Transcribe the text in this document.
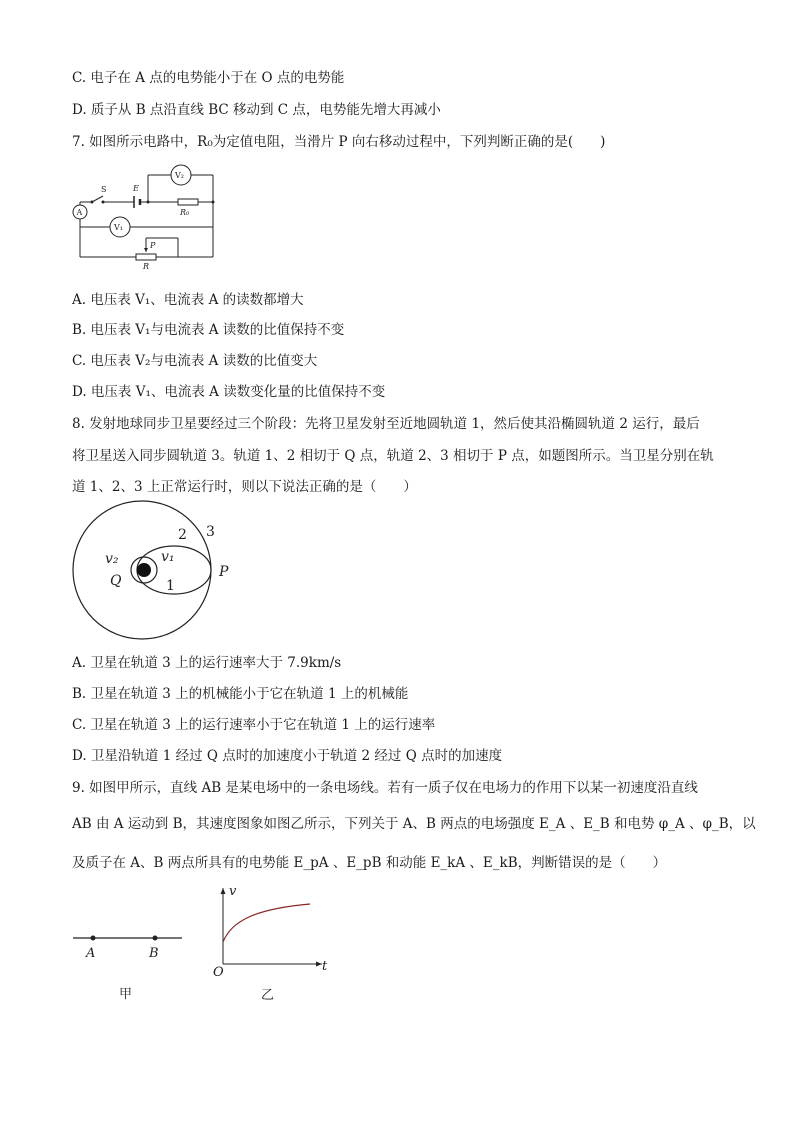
C. 电子在 A 点的电势能小于在 O 点的电势能
D. 质子从 B 点沿直线 BC 移动到 C 点，电势能先增大再减小
7. 如图所示电路中，R₀为定值电阻，当滑片 P 向右移动过程中，下列判断正确的是(　　)
S	E
A
V₂
V₁
R₀
P
R
A. 电压表 V₁、电流表 A 的读数都增大
B. 电压表 V₁与电流表 A 读数的比值保持不变
C. 电压表 V₂与电流表 A 读数的比值变大
D. 电压表 V₁、电流表 A 读数变化量的比值保持不变
8. 发射地球同步卫星要经过三个阶段：先将卫星发射至近地圆轨道 1，然后使其沿椭圆轨道 2 运行，最后
将卫星送入同步圆轨道 3。轨道 1、2 相切于 Q 点，轨道 2、3 相切于 P 点，如题图所示。当卫星分别在轨
道 1、2、3 上正常运行时，则以下说法正确的是（　　）
2 3
1
v₂	v₁
Q
P
A. 卫星在轨道 3 上的运行速率大于 7.9km/s
B. 卫星在轨道 3 上的机械能小于它在轨道 1 上的机械能
C. 卫星在轨道 3 上的运行速率小于它在轨道 1 上的运行速率
D. 卫星沿轨道 1 经过 Q 点时的加速度小于轨道 2 经过 Q 点时的加速度
9. 如图甲所示，直线 AB 是某电场中的一条电场线。若有一质子仅在电场力的作用下以某一初速度沿直线
AB 由 A 运动到 B，其速度图象如图乙所示，下列关于 A、B 两点的电场强度 E_A 、E_B 和电势 φ_A 、φ_B，以
及质子在 A、B 两点所具有的电势能 E_pA 、E_pB 和动能 E_kA 、E_kB，判断错误的是（　　）
A	B
甲
v
t
O
乙
